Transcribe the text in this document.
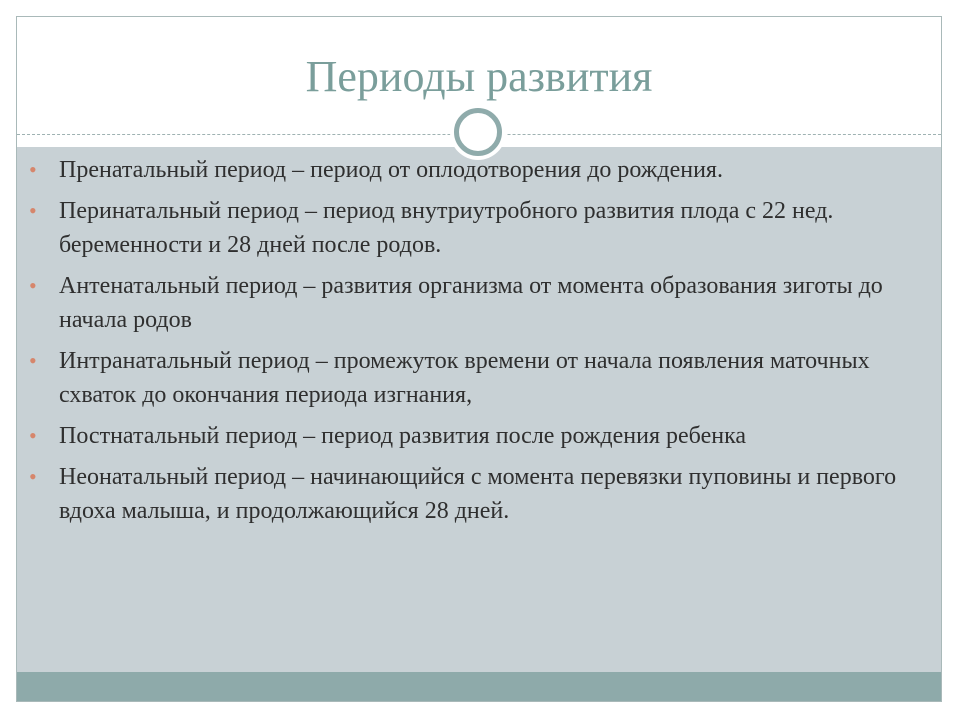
Периоды развития
• Пренатальный период – период от оплодотворения до рождения.
• Перинатальный период – период внутриутробного развития плода с 22 нед. беременности и 28 дней после родов.
• Антенатальный период – развития организма от момента образования зиготы до начала родов
• Интранатальный период – промежуток времени от начала появления маточных схваток до окончания периода изгнания,
• Постнатальный период – период развития после рождения ребенка
• Неонатальный период – начинающийся с момента перевязки пуповины и первого вдоха малыша, и продолжающийся 28 дней.
